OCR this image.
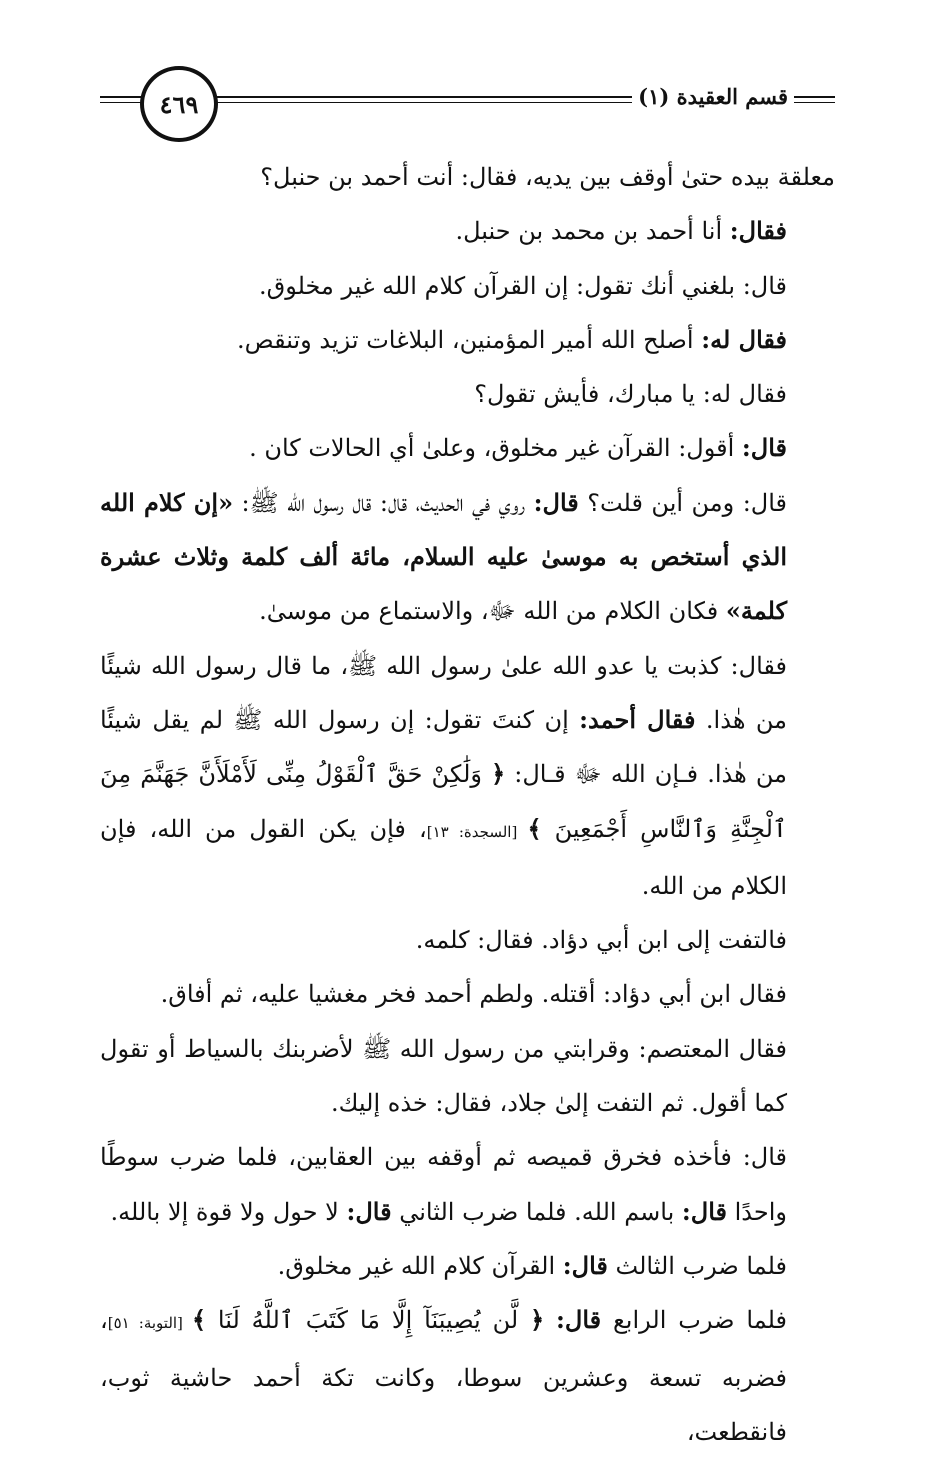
قسم العقيدة (١)
٤٦٩

معلقة بيده حتىٰ أوقف بين يديه، فقال: أنت أحمد بن حنبل؟

فقال: أنا أحمد بن محمد بن حنبل.

قال: بلغني أنك تقول: إن القرآن كلام الله غير مخلوق.

فقال له: أصلح الله أمير المؤمنين، البلاغات تزيد وتنقص.

فقال له: يا مبارك، فأيش تقول؟

قال: أقول: القرآن غير مخلوق، وعلىٰ أي الحالات كان .

قال: ومن أين قلت؟ قال: روي في الحديث، قال: قال رسول الله ﷺ: «إن كلام الله الذي أستخص به موسىٰ عليه السلام، مائة ألف كلمة وثلاث عشرة كلمة» فكان الكلام من الله ﷻ، والاستماع من موسىٰ.

فقال: كذبت يا عدو الله علىٰ رسول الله ﷺ، ما قال رسول الله شيئًا من هٰذا. فقال أحمد: إن كنتَ تقول: إن رسول الله ﷺ لم يقل شيئًا من هٰذا. فـإن الله ﷻ قـال: ﴿ وَلَٰكِنْ حَقَّ ٱلْقَوْلُ مِنِّى لَأَمْلَأَنَّ جَهَنَّمَ مِنَ ٱلْجِنَّةِ وَٱلنَّاسِ أَجْمَعِينَ ﴾ [السجدة: ١٣]، فإن يكن القول من الله، فإن الكلام من الله.

فالتفت إلى ابن أبي دؤاد. فقال: كلمه.

فقال ابن أبي دؤاد: أقتله. ولطم أحمد فخر مغشيا عليه، ثم أفاق.

فقال المعتصم: وقرابتي من رسول الله ﷺ لأضربنك بالسياط أو تقول كما أقول. ثم التفت إلىٰ جلاد، فقال: خذه إليك.

قال: فأخذه فخرق قميصه ثم أوقفه بين العقابين، فلما ضرب سوطًا واحدًا قال: باسم الله. فلما ضرب الثاني قال: لا حول ولا قوة إلا بالله.

فلما ضرب الثالث قال: القرآن كلام الله غير مخلوق.

فلما ضرب الرابع قال: ﴿ لَّن يُصِيبَنَآ إِلَّا مَا كَتَبَ ٱللَّهُ لَنَا ﴾ [التوبة: ٥١]، فضربه تسعة وعشرين سوطا، وكانت تكة أحمد حاشية ثوب، فانقطعت،
